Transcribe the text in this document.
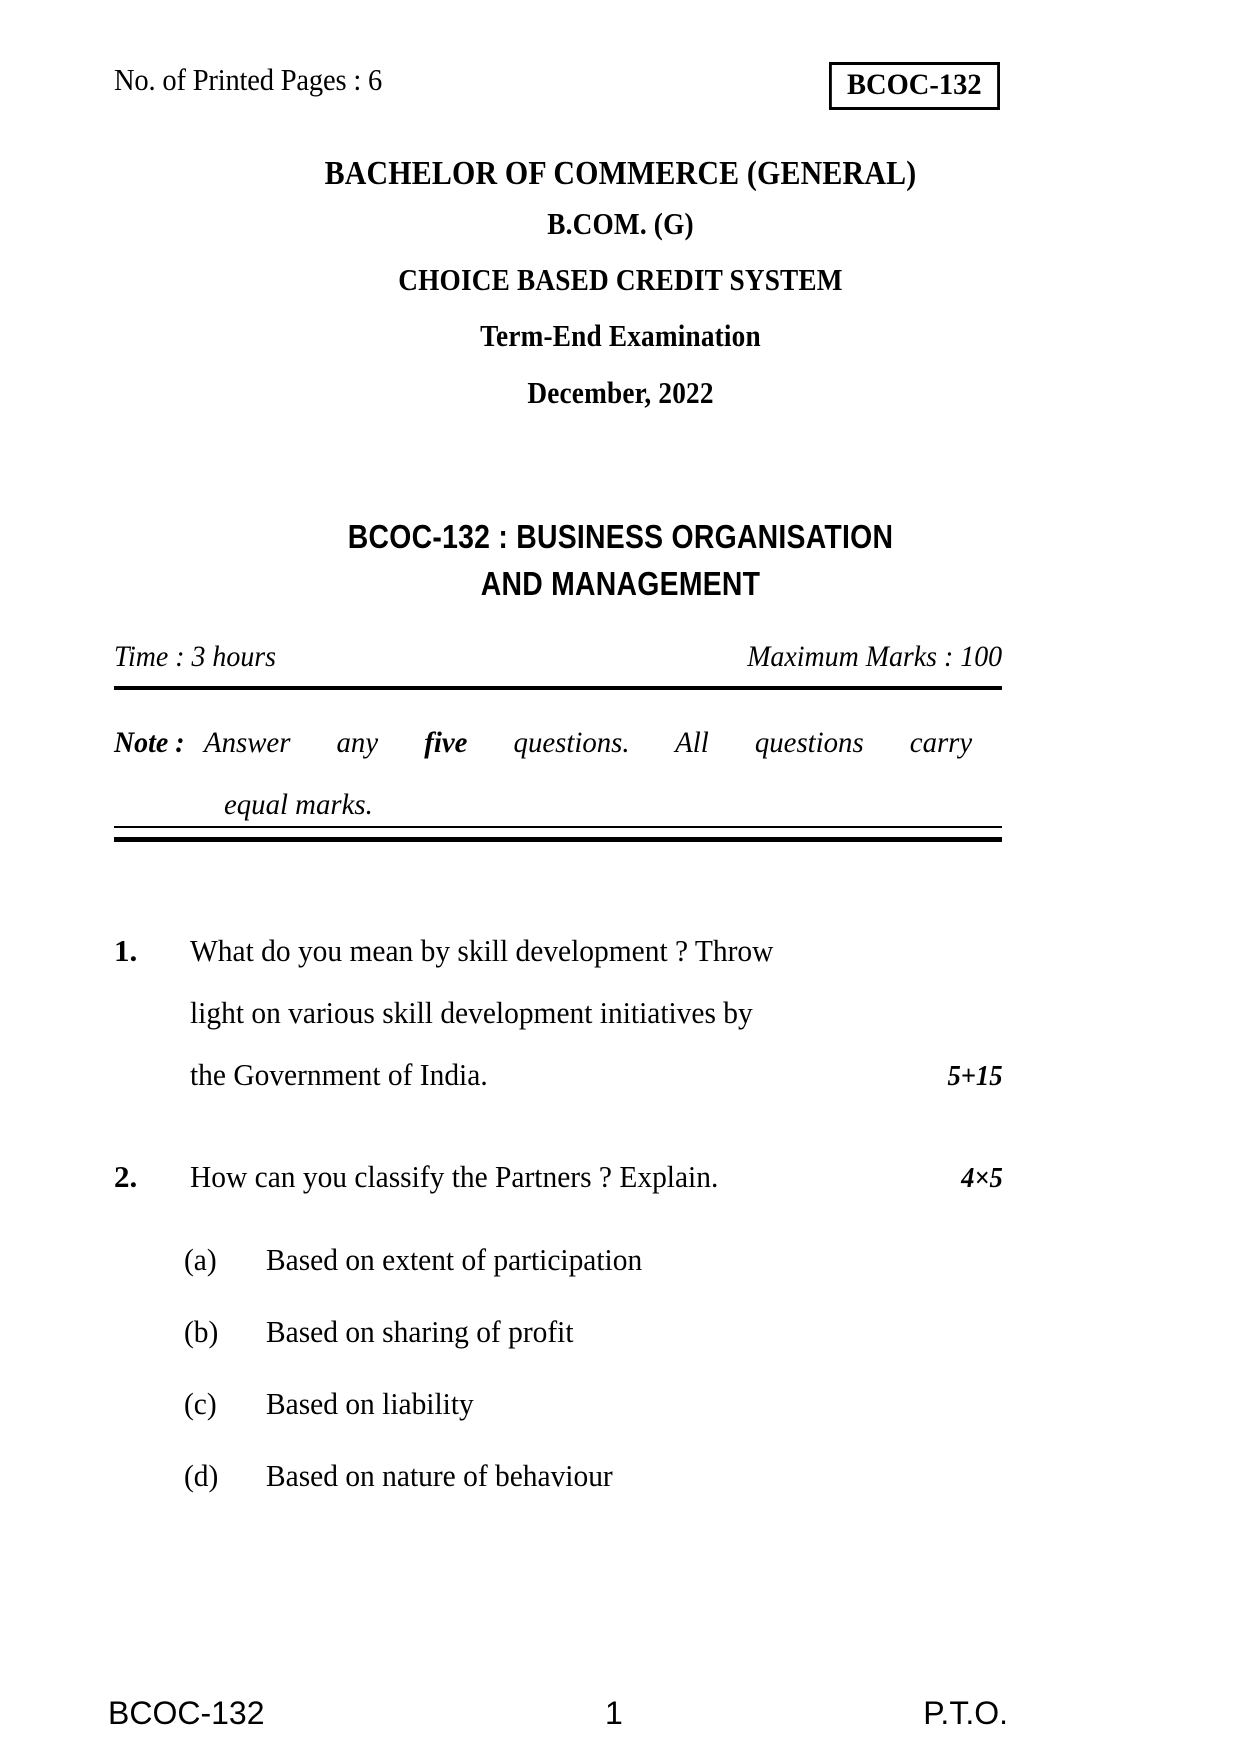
No. of Printed Pages : 6	BCOC-132
BACHELOR OF COMMERCE (GENERAL)
B.COM. (G)
CHOICE BASED CREDIT SYSTEM
Term-End Examination
December, 2022
BCOC-132 : BUSINESS ORGANISATION
AND MANAGEMENT
Time : 3 hours	Maximum Marks : 100
Note : Answer any five questions. All questions carry
equal marks.
1.	What do you mean by skill development ? Throw
light on various skill development initiatives by
the Government of India.	5+15
2.	How can you classify the Partners ? Explain.	4×5
(a)	Based on extent of participation
(b)	Based on sharing of profit
(c)	Based on liability
(d)	Based on nature of behaviour
BCOC-132	1	P.T.O.
